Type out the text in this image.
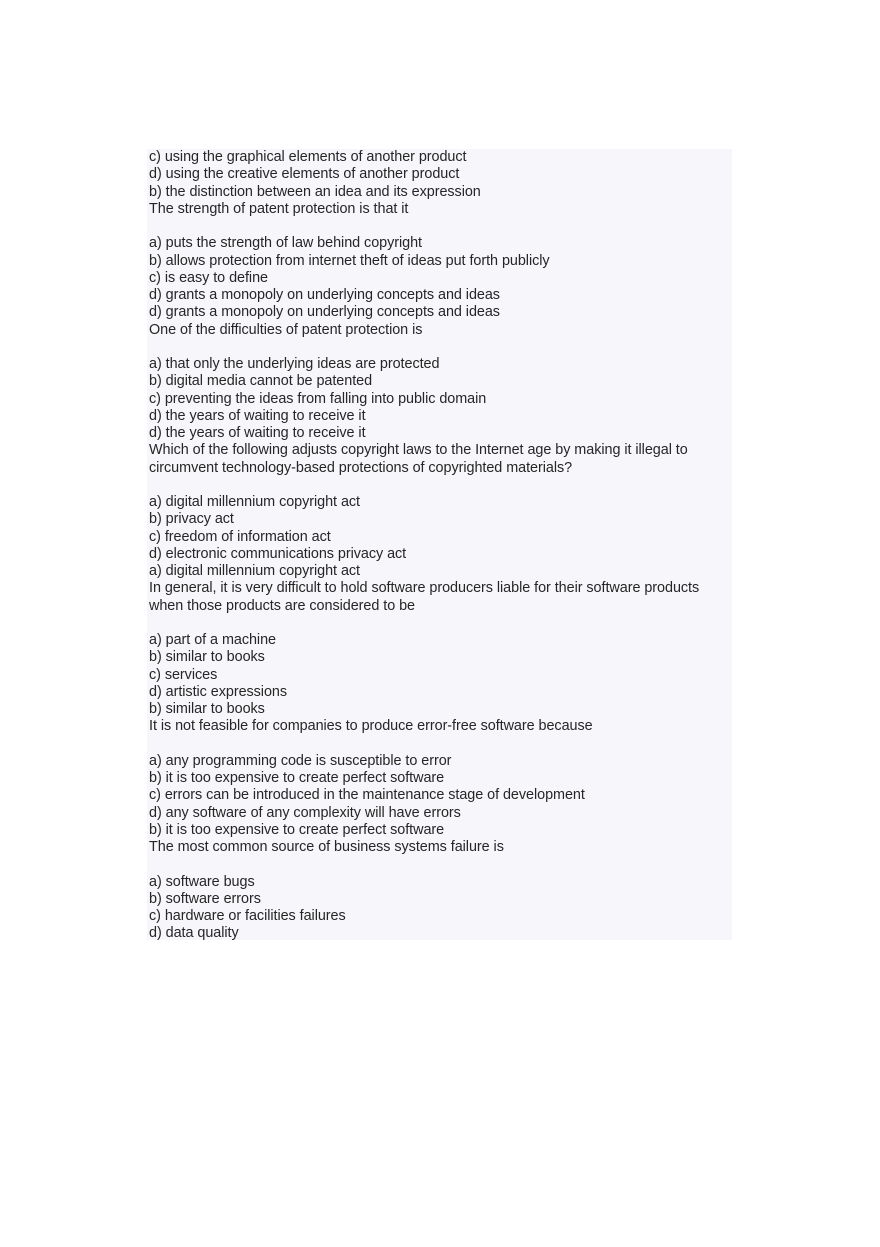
c) using the graphical elements of another product
d) using the creative elements of another product
b) the distinction between an idea and its expression
The strength of patent protection is that it
a) puts the strength of law behind copyright
b) allows protection from internet theft of ideas put forth publicly
c) is easy to define
d) grants a monopoly on underlying concepts and ideas
d) grants a monopoly on underlying concepts and ideas
One of the difficulties of patent protection is
a) that only the underlying ideas are protected
b) digital media cannot be patented
c) preventing the ideas from falling into public domain
d) the years of waiting to receive it
d) the years of waiting to receive it
Which of the following adjusts copyright laws to the Internet age by making it illegal to
circumvent technology-based protections of copyrighted materials?
a) digital millennium copyright act
b) privacy act
c) freedom of information act
d) electronic communications privacy act
a) digital millennium copyright act
In general, it is very difficult to hold software producers liable for their software products
when those products are considered to be
a) part of a machine
b) similar to books
c) services
d) artistic expressions
b) similar to books
It is not feasible for companies to produce error-free software because
a) any programming code is susceptible to error
b) it is too expensive to create perfect software
c) errors can be introduced in the maintenance stage of development
d) any software of any complexity will have errors
b) it is too expensive to create perfect software
The most common source of business systems failure is
a) software bugs
b) software errors
c) hardware or facilities failures
d) data quality
